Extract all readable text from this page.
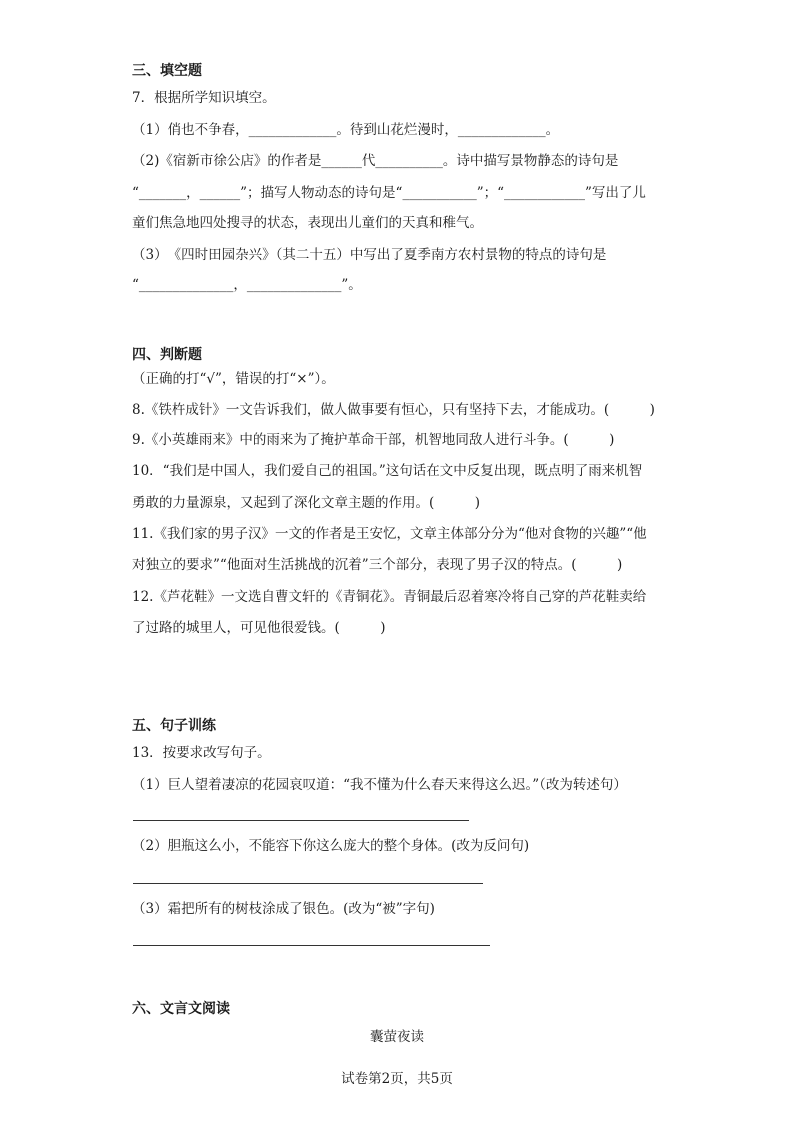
三、填空题
7．根据所学知识填空。
（1）俏也不争春，_____________。待到山花烂漫时，_____________。
（2)《宿新市徐公店》的作者是______代__________。诗中描写景物静态的诗句是
“_______，______”；描写人物动态的诗句是“___________”；“____________”写出了儿
童们焦急地四处搜寻的状态，表现出儿童们的天真和稚气。
（3）　《四时田园杂兴》（其二十五）中写出了夏季南方农村景物的特点的诗句是
“______________，______________”。
四、判断题
（正确的打“√”，错误的打“×”）。
8.《铁杵成针》一文告诉我们，做人做事要有恒心，只有坚持下去，才能成功。(　　　)
9.《小英雄雨来》中的雨来为了掩护革命干部，机智地同敌人进行斗争。(　　　)
10．“我们是中国人，我们爱自己的祖国。”这句话在文中反复出现，既点明了雨来机智
勇敢的力量源泉，又起到了深化文章主题的作用。(　　　)
11.《我们家的男子汉》一文的作者是王安忆，文章主体部分分为“他对食物的兴趣”“他
对独立的要求”“他面对生活挑战的沉着”三个部分，表现了男子汉的特点。(　　　)
12.《芦花鞋》一文选自曹文轩的《青铜花》。青铜最后忍着寒冷将自己穿的芦花鞋卖给
了过路的城里人，可见他很爱钱。(　　　)
五、句子训练
13．按要求改写句子。
（1）巨人望着凄凉的花园哀叹道：“我不懂为什么春天来得这么迟。”（改为转述句）
（2）胆瓶这么小，不能容下你这么庞大的整个身体。(改为反问句)
（3）霜把所有的树枝涂成了银色。(改为“被”字句)
六、文言文阅读
囊萤夜读
试卷第2页，共5页
